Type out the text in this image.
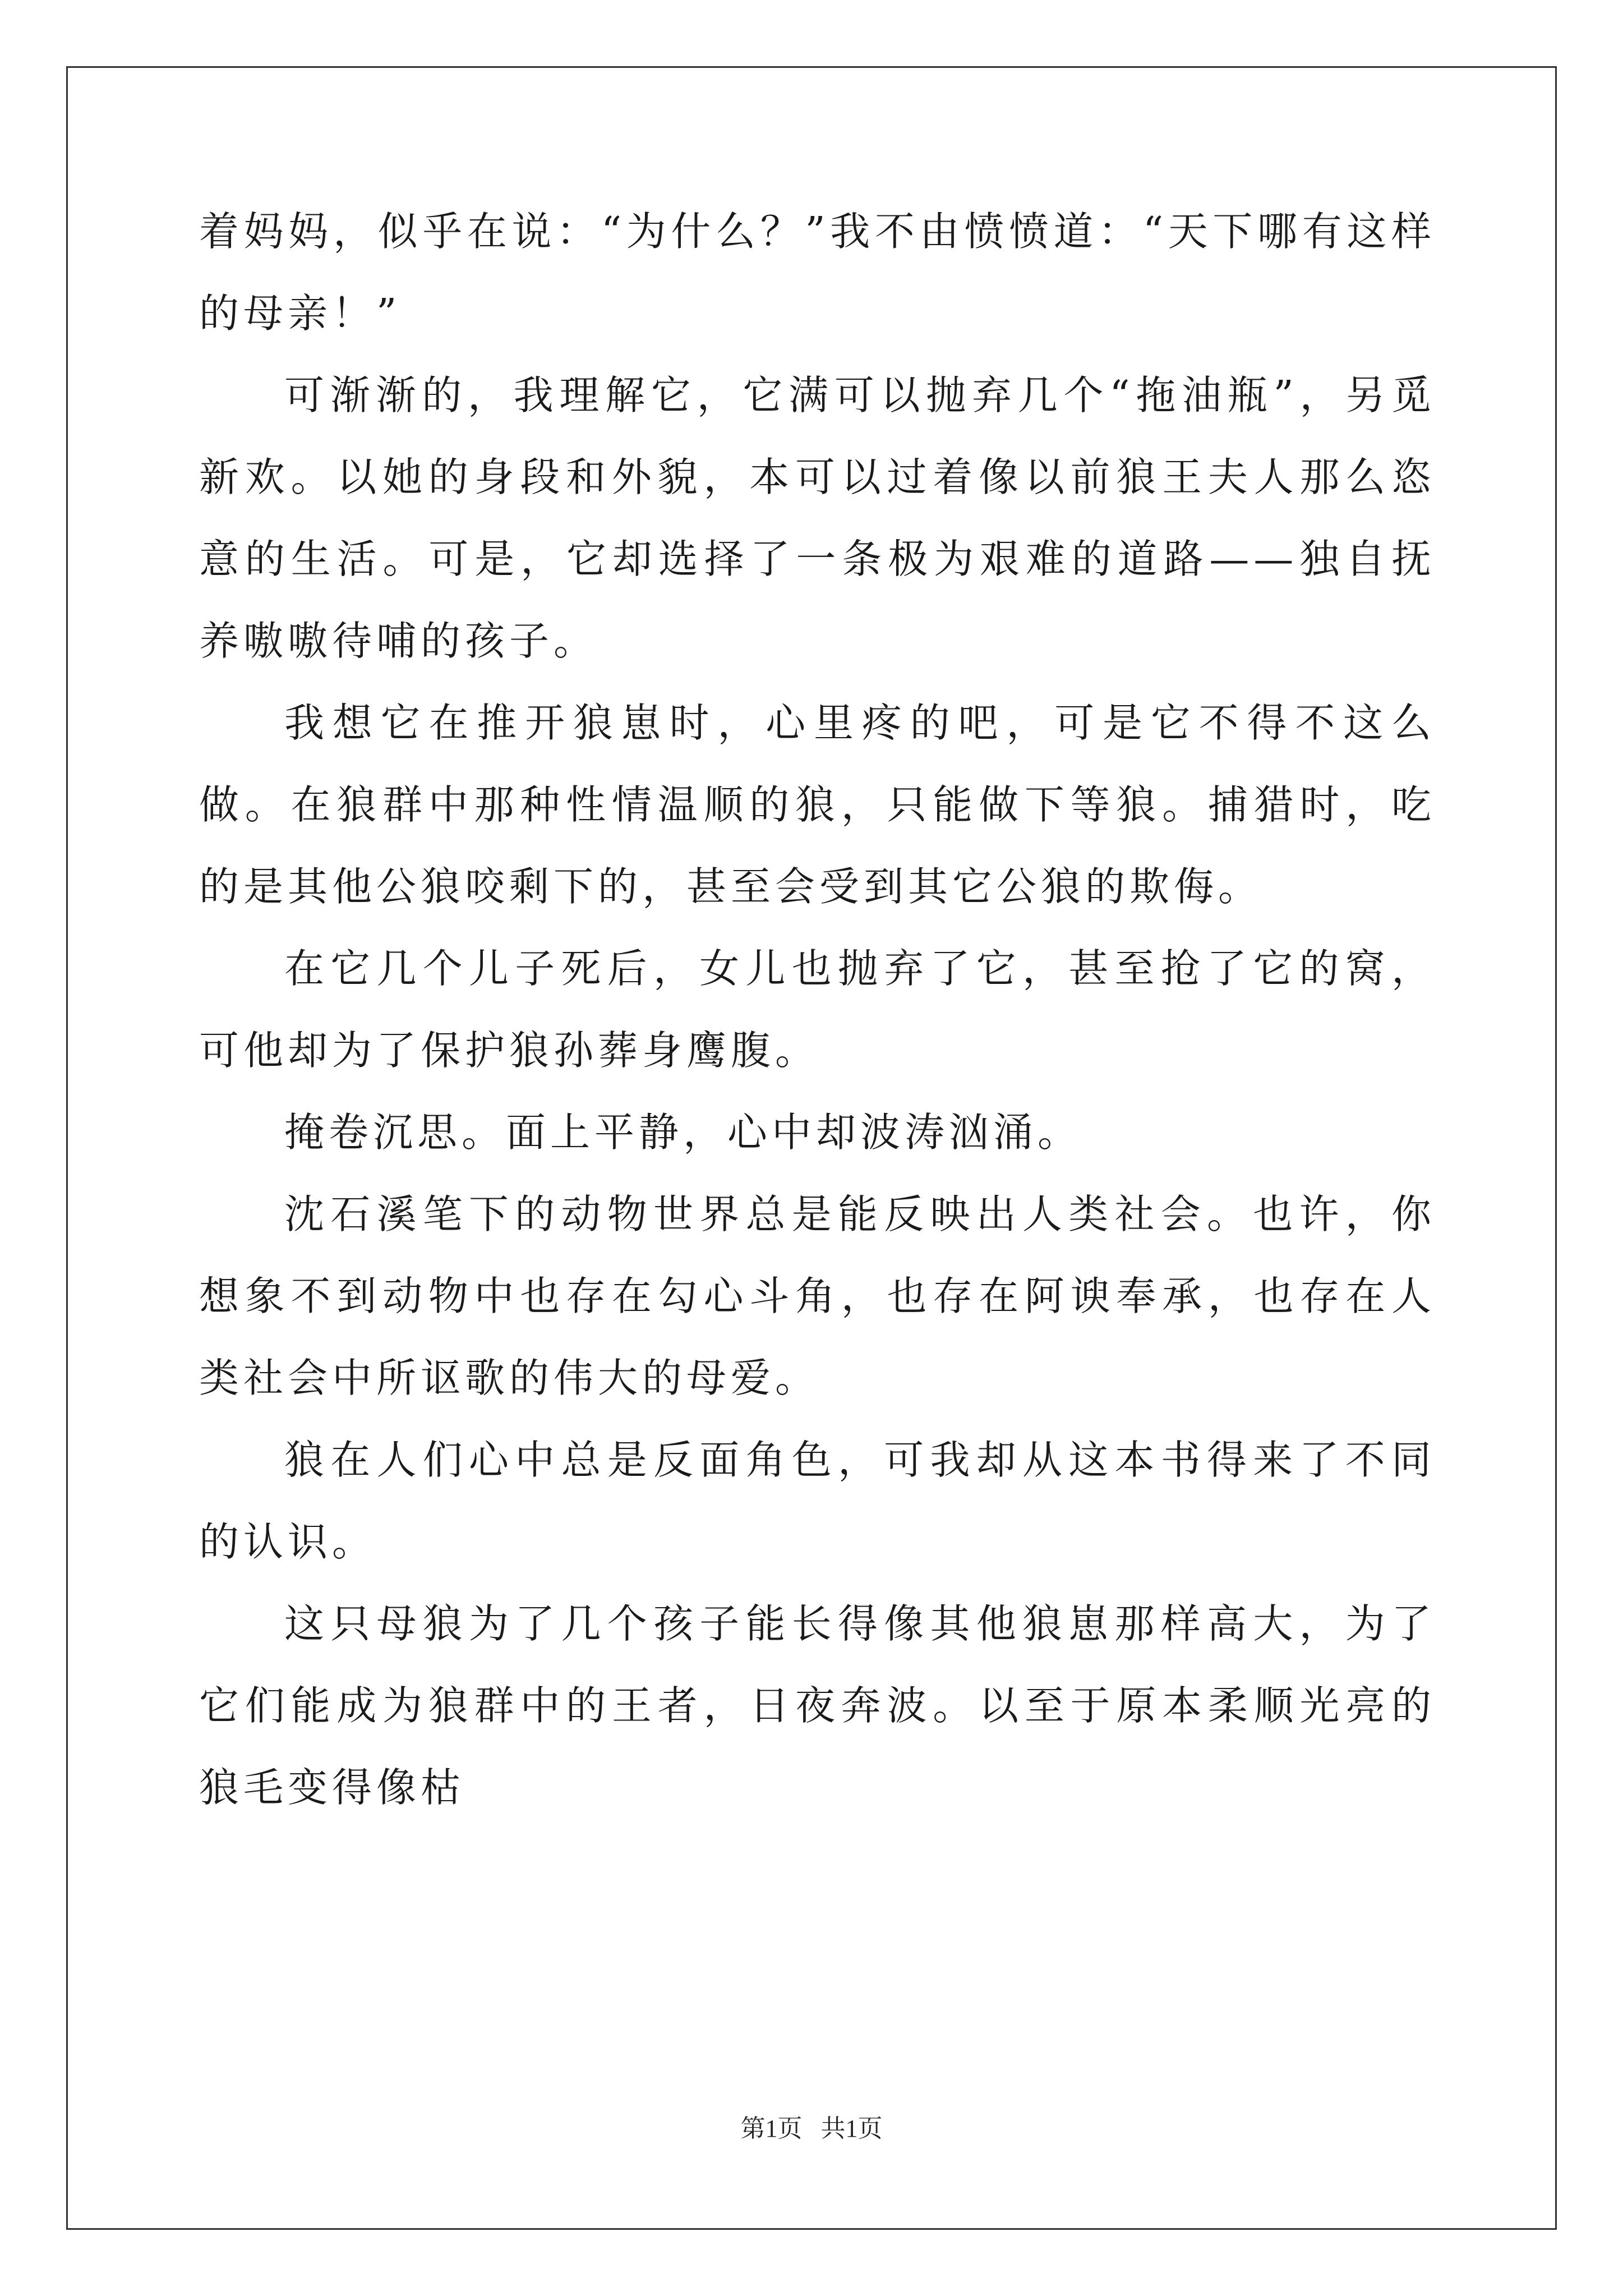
着妈妈，似乎在说：“为什么？”我不由愤愤道：“天下哪有这样的母亲！”

可渐渐的，我理解它，它满可以抛弃几个“拖油瓶”，另觅新欢。以她的身段和外貌，本可以过着像以前狼王夫人那么恣意的生活。可是，它却选择了一条极为艰难的道路——独自抚养嗷嗷待哺的孩子。

我想它在推开狼崽时，心里疼的吧，可是它不得不这么做。在狼群中那种性情温顺的狼，只能做下等狼。捕猎时，吃的是其他公狼咬剩下的，甚至会受到其它公狼的欺侮。

在它几个儿子死后，女儿也抛弃了它，甚至抢了它的窝，可他却为了保护狼孙葬身鹰腹。

掩卷沉思。面上平静，心中却波涛汹涌。

沈石溪笔下的动物世界总是能反映出人类社会。也许，你想象不到动物中也存在勾心斗角，也存在阿谀奉承，也存在人类社会中所讴歌的伟大的母爱。

狼在人们心中总是反面角色，可我却从这本书得来了不同的认识。

这只母狼为了几个孩子能长得像其他狼崽那样高大，为了它们能成为狼群中的王者，日夜奔波。以至于原本柔顺光亮的狼毛变得像枯

第1页   共1页
